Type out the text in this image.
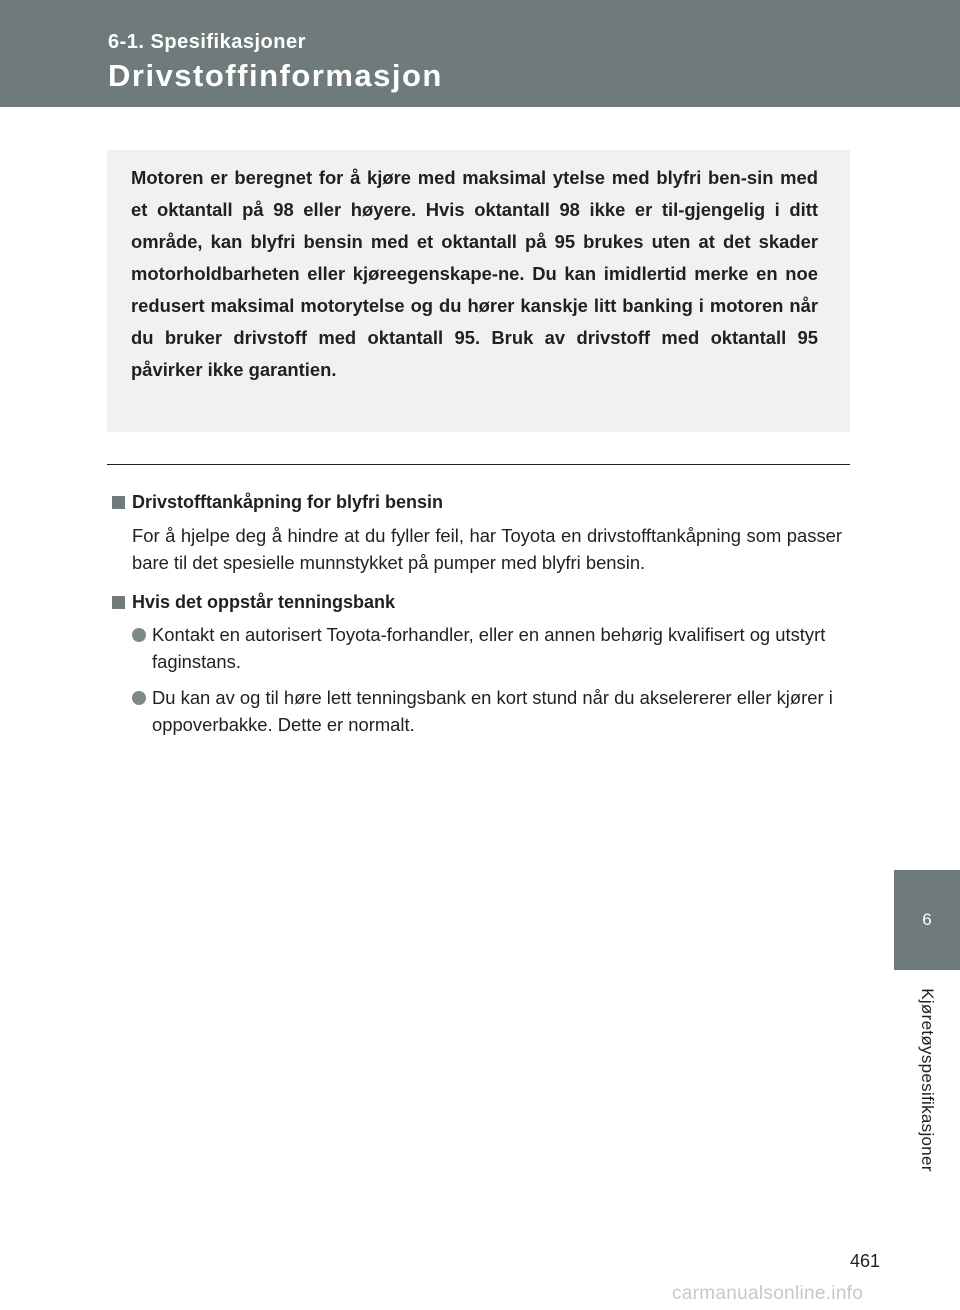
6-1. Spesifikasjoner

Drivstoffinformasjon

Motoren er beregnet for å kjøre med maksimal ytelse med blyfri ben-sin med et oktantall på 98 eller høyere. Hvis oktantall 98 ikke er til-gjengelig i ditt område, kan blyfri bensin med et oktantall på 95 brukes uten at det skader motorholdbarheten eller kjøreegenskape-ne. Du kan imidlertid merke en noe redusert maksimal motorytelse og du hører kanskje litt banking i motoren når du bruker drivstoff med oktantall 95. Bruk av drivstoff med oktantall 95 påvirker ikke garantien.

Drivstofftankåpning for blyfri bensin

For å hjelpe deg å hindre at du fyller feil, har Toyota en drivstofftankåpning som passer bare til det spesielle munnstykket på pumper med blyfri bensin.

Hvis det oppstår tenningsbank
Kontakt en autorisert Toyota-forhandler, eller en annen behørig kvalifisert og utstyrt faginstans.
Du kan av og til høre lett tenningsbank en kort stund når du akselererer eller kjører i oppoverbakke. Dette er normalt.
6
Kjøretøyspesifikasjoner
461
carmanualsonline.info
